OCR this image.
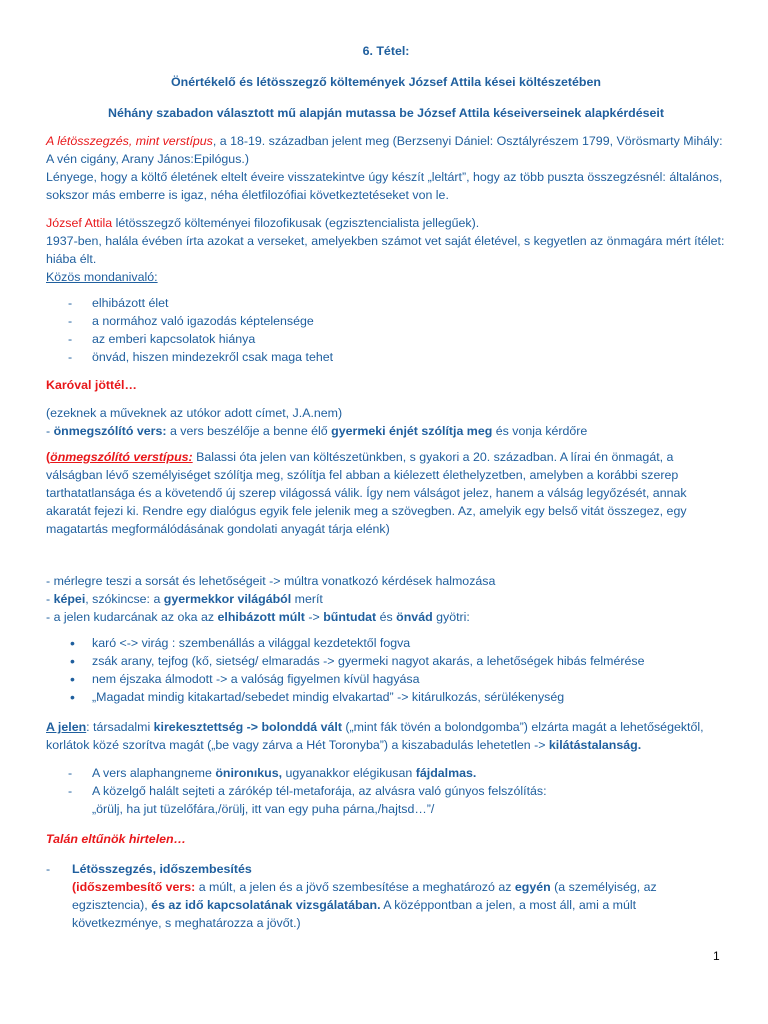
6. Tétel:

Önértékelő és létösszegző költemények József Attila kései költészetében

Néhány szabadon választott mű alapján mutassa be József Attila késeiverseinek alapkérdéseit

A létösszegzés, mint verstípus, a 18-19. században jelent meg (Berzsenyi Dániel: Osztályrészem 1799, Vörösmarty Mihály: A vén cigány, Arany János:Epilógus.)

Lényege, hogy a költő életének eltelt éveire visszatekintve úgy készít „leltárt”, hogy az több puszta összegzésnél: általános, sokszor más emberre is igaz, néha életfilozófiai következtetéseket von le.

József Attila létösszegző költeményei filozofikusak (egzisztencialista jellegűek).

1937-ben, halála évében írta azokat a verseket, amelyekben számot vet saját életével, s kegyetlen az önmagára mért ítélet: hiába élt.

Közös mondanivaló:

- elhibázott élet
- a normához való igazodás képtelensége
- az emberi kapcsolatok hiánya
- önvád, hiszen mindezekről csak maga tehet

Karóval jöttél…

(ezeknek a műveknek az utókor adott címet, J.A.nem)

- önmegszólító vers: a vers beszélője a benne élő gyermeki énjét szólítja meg és vonja kérdőre

(önmegszólító verstípus: Balassi óta jelen van költészetünkben, s gyakori a 20. században. A lírai én önmagát, a válságban lévő személyiséget szólítja meg, szólítja fel abban a kiélezett élethelyzetben, amelyben a korábbi szerep tarthatatlansága és a követendő új szerep világossá válik. Így nem válságot jelez, hanem a válság legyőzését, annak akaratát fejezi ki. Rendre egy dialógus egyik fele jelenik meg a szövegben. Az, amelyik egy belső vitát összegez, egy magatartás megformálódásának gondolati anyagát tárja elénk)

- mérlegre teszi a sorsát és lehetőségeit -> múltra vonatkozó kérdések halmozása

- képei, szókincse: a gyermekkor világából merít

- a jelen kudarcának az oka az elhibázott múlt -> bűntudat és önvád gyötri:

• karó <-> virág : szembenállás a világgal kezdetektől fogva
• zsák arany, tejfog (kő, sietség/ elmaradás -> gyermeki nagyot akarás, a lehetőségek hibás felmérése
• nem éjszaka álmodott -> a valóság figyelmen kívül hagyása
• „Magadat mindig kitakartad/sebedet mindig elvakartad” -> kitárulkozás, sérülékenység

A jelen: társadalmi kirekesztettség -> bolonddá vált („mint fák tövén a bolondgomba”) elzárta magát a lehetőségektől, korlátok közé szorítva magát („be vagy zárva a Hét Toronyba”) a kiszabadulás lehetetlen -> kilátástalanság.

- A vers alaphangneme önironıkus, ugyanakkor elégikusan fájdalmas.
- A közelgő halált sejteti a zárókép tél-metaforája, az alvásra való gúnyos felszólítás:
„örülj, ha jut tüzelőfára,/örülj, itt van egy puha párna,/hajtsd…”/

Talán eltűnök hirtelen…

- Létösszegzés, időszembesítés
(időszembesítő vers: a múlt, a jelen és a jövő szembesítése a meghatározó az egyén (a személyiség, az egzisztencia), és az idő kapcsolatának vizsgálatában. A középpontban a jelen, a most áll, ami a múlt következménye, s meghatározza a jövőt.)
1
